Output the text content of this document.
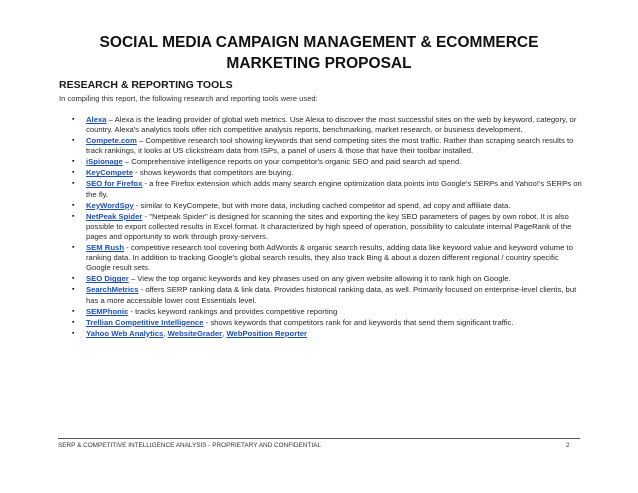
SOCIAL MEDIA CAMPAIGN MANAGEMENT & ECOMMERCE
MARKETING PROPOSAL
RESEARCH & REPORTING TOOLS
In compiling this report, the following research and reporting tools were used:
▪ Alexa – Alexa is the leading provider of global web metrics. Use Alexa to discover the most successful sites on the web by keyword, category, or country. Alexa's analytics tools offer rich competitive analysis reports, benchmarking, market research, or business development.
▪ Compete.com – Competitive research tool showing keywords that send competing sites the most traffic. Rather than scraping search results to track rankings, it looks at US clickstream data from ISPs, a panel of users & those that have their toolbar installed.
▪ iSpionage – Comprehensive intelligence reports on your competitor's organic SEO and paid search ad spend.
▪ KeyCompete - shows keywords that competitors are buying.
▪ SEO for Firefox - a free Firefox extension which adds many search engine optimization data points into Google's SERPs and Yahoo!'s SERPs on the fly.
▪ KeyWordSpy - similar to KeyCompete, but with more data, including cached competitor ad spend, ad copy and affiliate data.
▪ NetPeak Spider - "Netpeak Spider" is designed for scanning the sites and exporting the key SEO parameters of pages by own robot. It is also possible to export collected results in Excel format. It characterized by high speed of operation, possibility to calculate internal PageRank of the pages and opportunity to work through proxy-servers.
▪ SEM Rush - competitive research tool covering both AdWords & organic search results, adding data like keyword value and keyword volume to ranking data. In addition to tracking Google's global search results, they also track Bing & about a dozen different regional / country specific Google result sets.
▪ SEO Digger – View the top organic keywords and key phrases used on any given website allowing it to rank high on Google.
▪ SearchMetrics - offers SERP ranking data & link data. Provides historical ranking data, as well. Primarily focused on enterprise-level clients, but has a more accessible lower cost Essentials level.
▪ SEMPhonic - tracks keyword rankings and provides competitive reporting
▪ Trellian Competitive Intelligence - shows keywords that competitors rank for and keywords that send them significant traffic.
▪ Yahoo Web Analytics, WebsiteGrader, WebPosition Reporter
SERP & COMPETITIVE INTELLIGENCE ANALYSIS - PROPRIETARY AND CONFIDENTIAL	2
